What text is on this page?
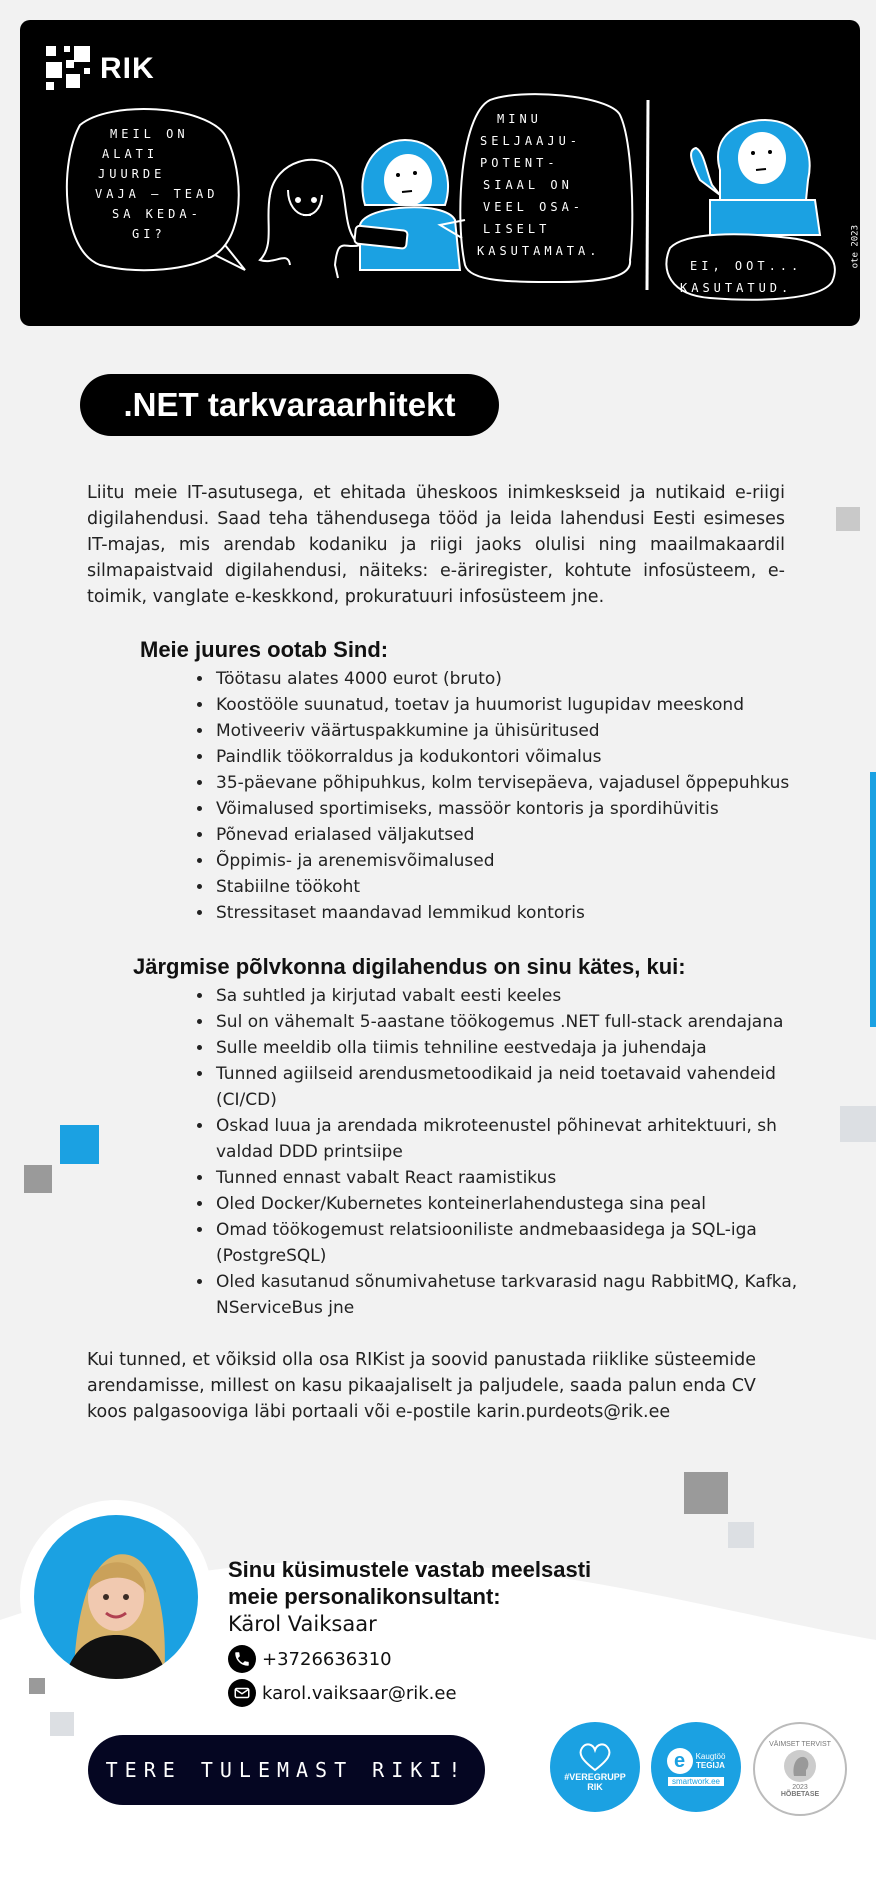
RIK
MEIL ON
ALATI
JUURDE
VAJA — TEAD
SA KEDA-
GI?
MINU
SELJAAJU-
POTENT-
SIAAL ON
VEEL OSA-
LISELT
KASUTAMATA.
EI, OOT...
KASUTATUD.
ote 2023
.NET tarkvaraarhitekt
Liitu meie IT-asutusega, et ehitada üheskoos inimkeskseid ja nutikaid e-riigi digilahendusi. Saad teha tähendusega tööd ja leida lahendusi Eesti esimeses IT-majas, mis arendab kodaniku ja riigi jaoks olulisi ning maailmakaardil silmapaistvaid digilahendusi, näiteks: e-äriregister, kohtute infosüsteem, e-toimik, vanglate e-keskkond, prokuratuuri infosüsteem jne.
Meie juures ootab Sind:
• Töötasu alates 4000 eurot (bruto)
• Koostööle suunatud, toetav ja huumorist lugupidav meeskond
• Motiveeriv väärtuspakkumine ja ühisüritused
• Paindlik töökorraldus ja kodukontori võimalus
• 35-päevane põhipuhkus, kolm tervisepäeva, vajadusel õppepuhkus
• Võimalused sportimiseks, massöör kontoris ja spordihüvitis
• Põnevad erialased väljakutsed
• Õppimis- ja arenemisvõimalused
• Stabiilne töökoht
• Stressitaset maandavad lemmikud kontoris
Järgmise põlvkonna digilahendus on sinu kätes, kui:
• Sa suhtled ja kirjutad vabalt eesti keeles
• Sul on vähemalt 5-aastane töökogemus .NET full-stack arendajana
• Sulle meeldib olla tiimis tehniline eestvedaja ja juhendaja
• Tunned agiilseid arendusmetoodikaid ja neid toetavaid vahendeid (CI/CD)
• Oskad luua ja arendada mikroteenustel põhinevat arhitektuuri, sh valdad DDD printsiipe
• Tunned ennast vabalt React raamistikus
• Oled Docker/Kubernetes konteinerlahendustega sina peal
• Omad töökogemust relatsiooniliste andmebaasidega ja SQL-iga (PostgreSQL)
• Oled kasutanud sõnumivahetuse tarkvarasid nagu RabbitMQ, Kafka, NServiceBus jne
Kui tunned, et võiksid olla osa RIKist ja soovid panustada riiklike süsteemide arendamisse, millest on kasu pikaajaliselt ja paljudele, saada palun enda CV koos palgasooviga läbi portaali või e-postile karin.purdeots@rik.ee
Sinu küsimustele vastab meelsasti meie personalikonsultant:
Kärol Vaiksaar
+3726636310
karol.vaiksaar@rik.ee
TERE TULEMAST RIKI!	#VEREGRUPP
RIK
e	Kaugtöö
TEGIJA
smartwork.ee
VÄIMSET TERVIST
2023
HÕBETASE
